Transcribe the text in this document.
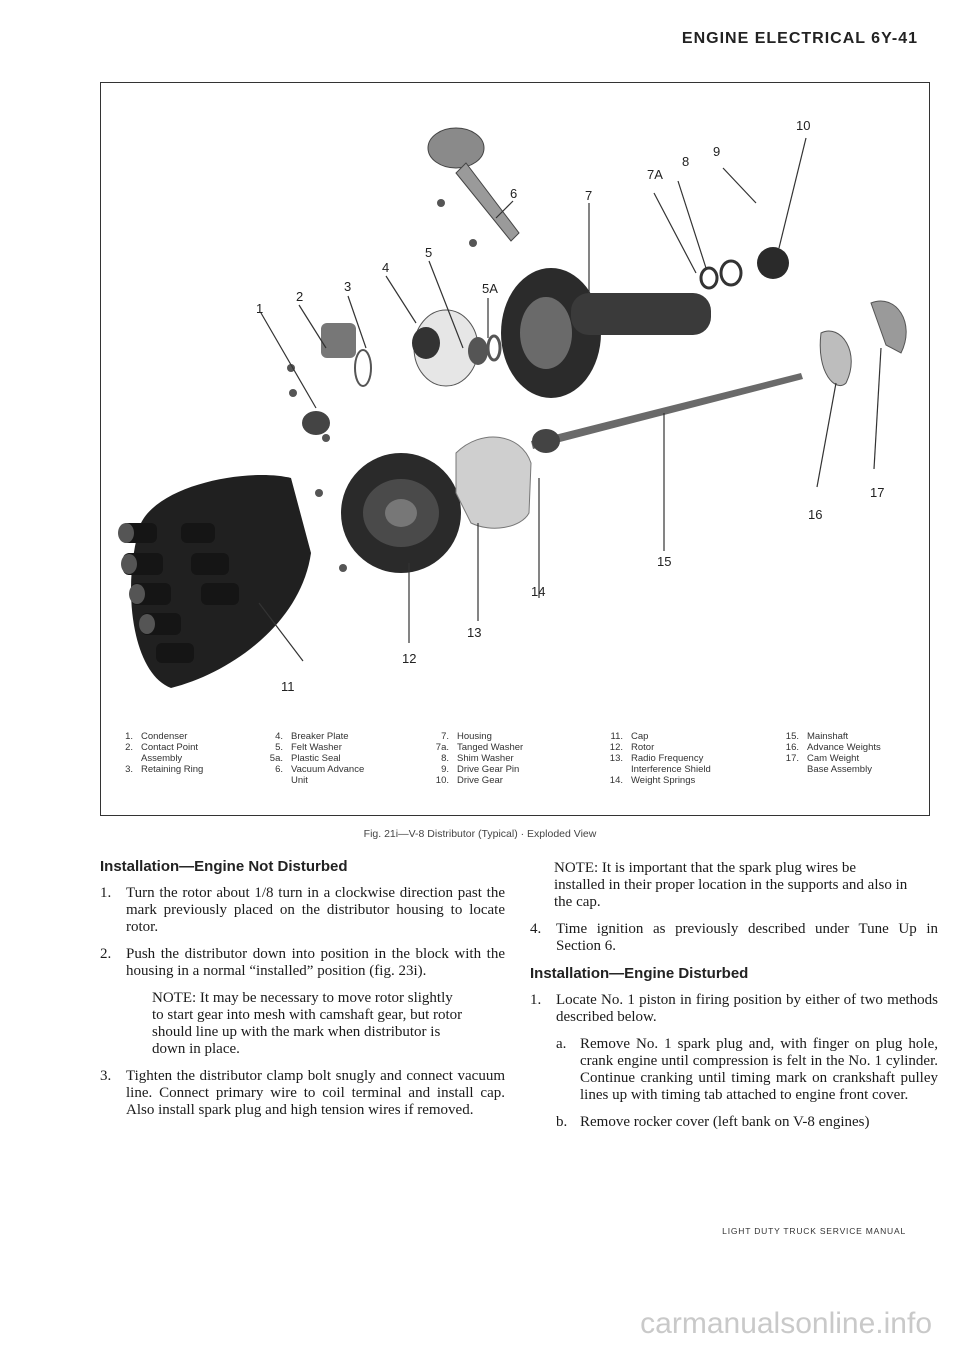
ENGINE ELECTRICAL 6Y-41
1
2
3
4
5
5A
6	7
7A
8
9
10
11
12
13
14
15
16
17
1. Condenser
2. Contact Point
Assembly
3. Retaining Ring
4. Breaker Plate
5. Felt Washer
5a. Plastic Seal
6. Vacuum Advance
Unit
7. Housing
7a. Tanged Washer
8. Shim Washer
9. Drive Gear Pin
10. Drive Gear
11. Cap
12. Rotor
13. Radio Frequency
Interference Shield
14. Weight Springs
15. Mainshaft
16. Advance Weights
17. Cam Weight
Base Assembly
Fig. 21i—V-8 Distributor (Typical) · Exploded View
Installation—Engine Not Disturbed
1. Turn the rotor about 1/8 turn in a clockwise direction past the mark previously placed on the distributor housing to locate rotor.
2. Push the distributor down into position in the block with the housing in a normal “installed” position (fig. 23i).
NOTE: It may be necessary to move rotor slightly to start gear into mesh with camshaft gear, but rotor should line up with the mark when distributor is down in place.
3. Tighten the distributor clamp bolt snugly and connect vacuum line. Connect primary wire to coil terminal and install cap. Also install spark plug and high tension wires if removed.
NOTE: It is important that the spark plug wires be installed in their proper location in the supports and also in the cap.
4. Time ignition as previously described under Tune Up in Section 6.
Installation—Engine Disturbed
1. Locate No. 1 piston in firing position by either of two methods described below.
a. Remove No. 1 spark plug and, with finger on plug hole, crank engine until compression is felt in the No. 1 cylinder. Continue cranking until timing mark on crankshaft pulley lines up with timing tab attached to engine front cover.
b. Remove rocker cover (left bank on V-8 engines)
LIGHT DUTY TRUCK SERVICE MANUAL
carmanualsonline.info
